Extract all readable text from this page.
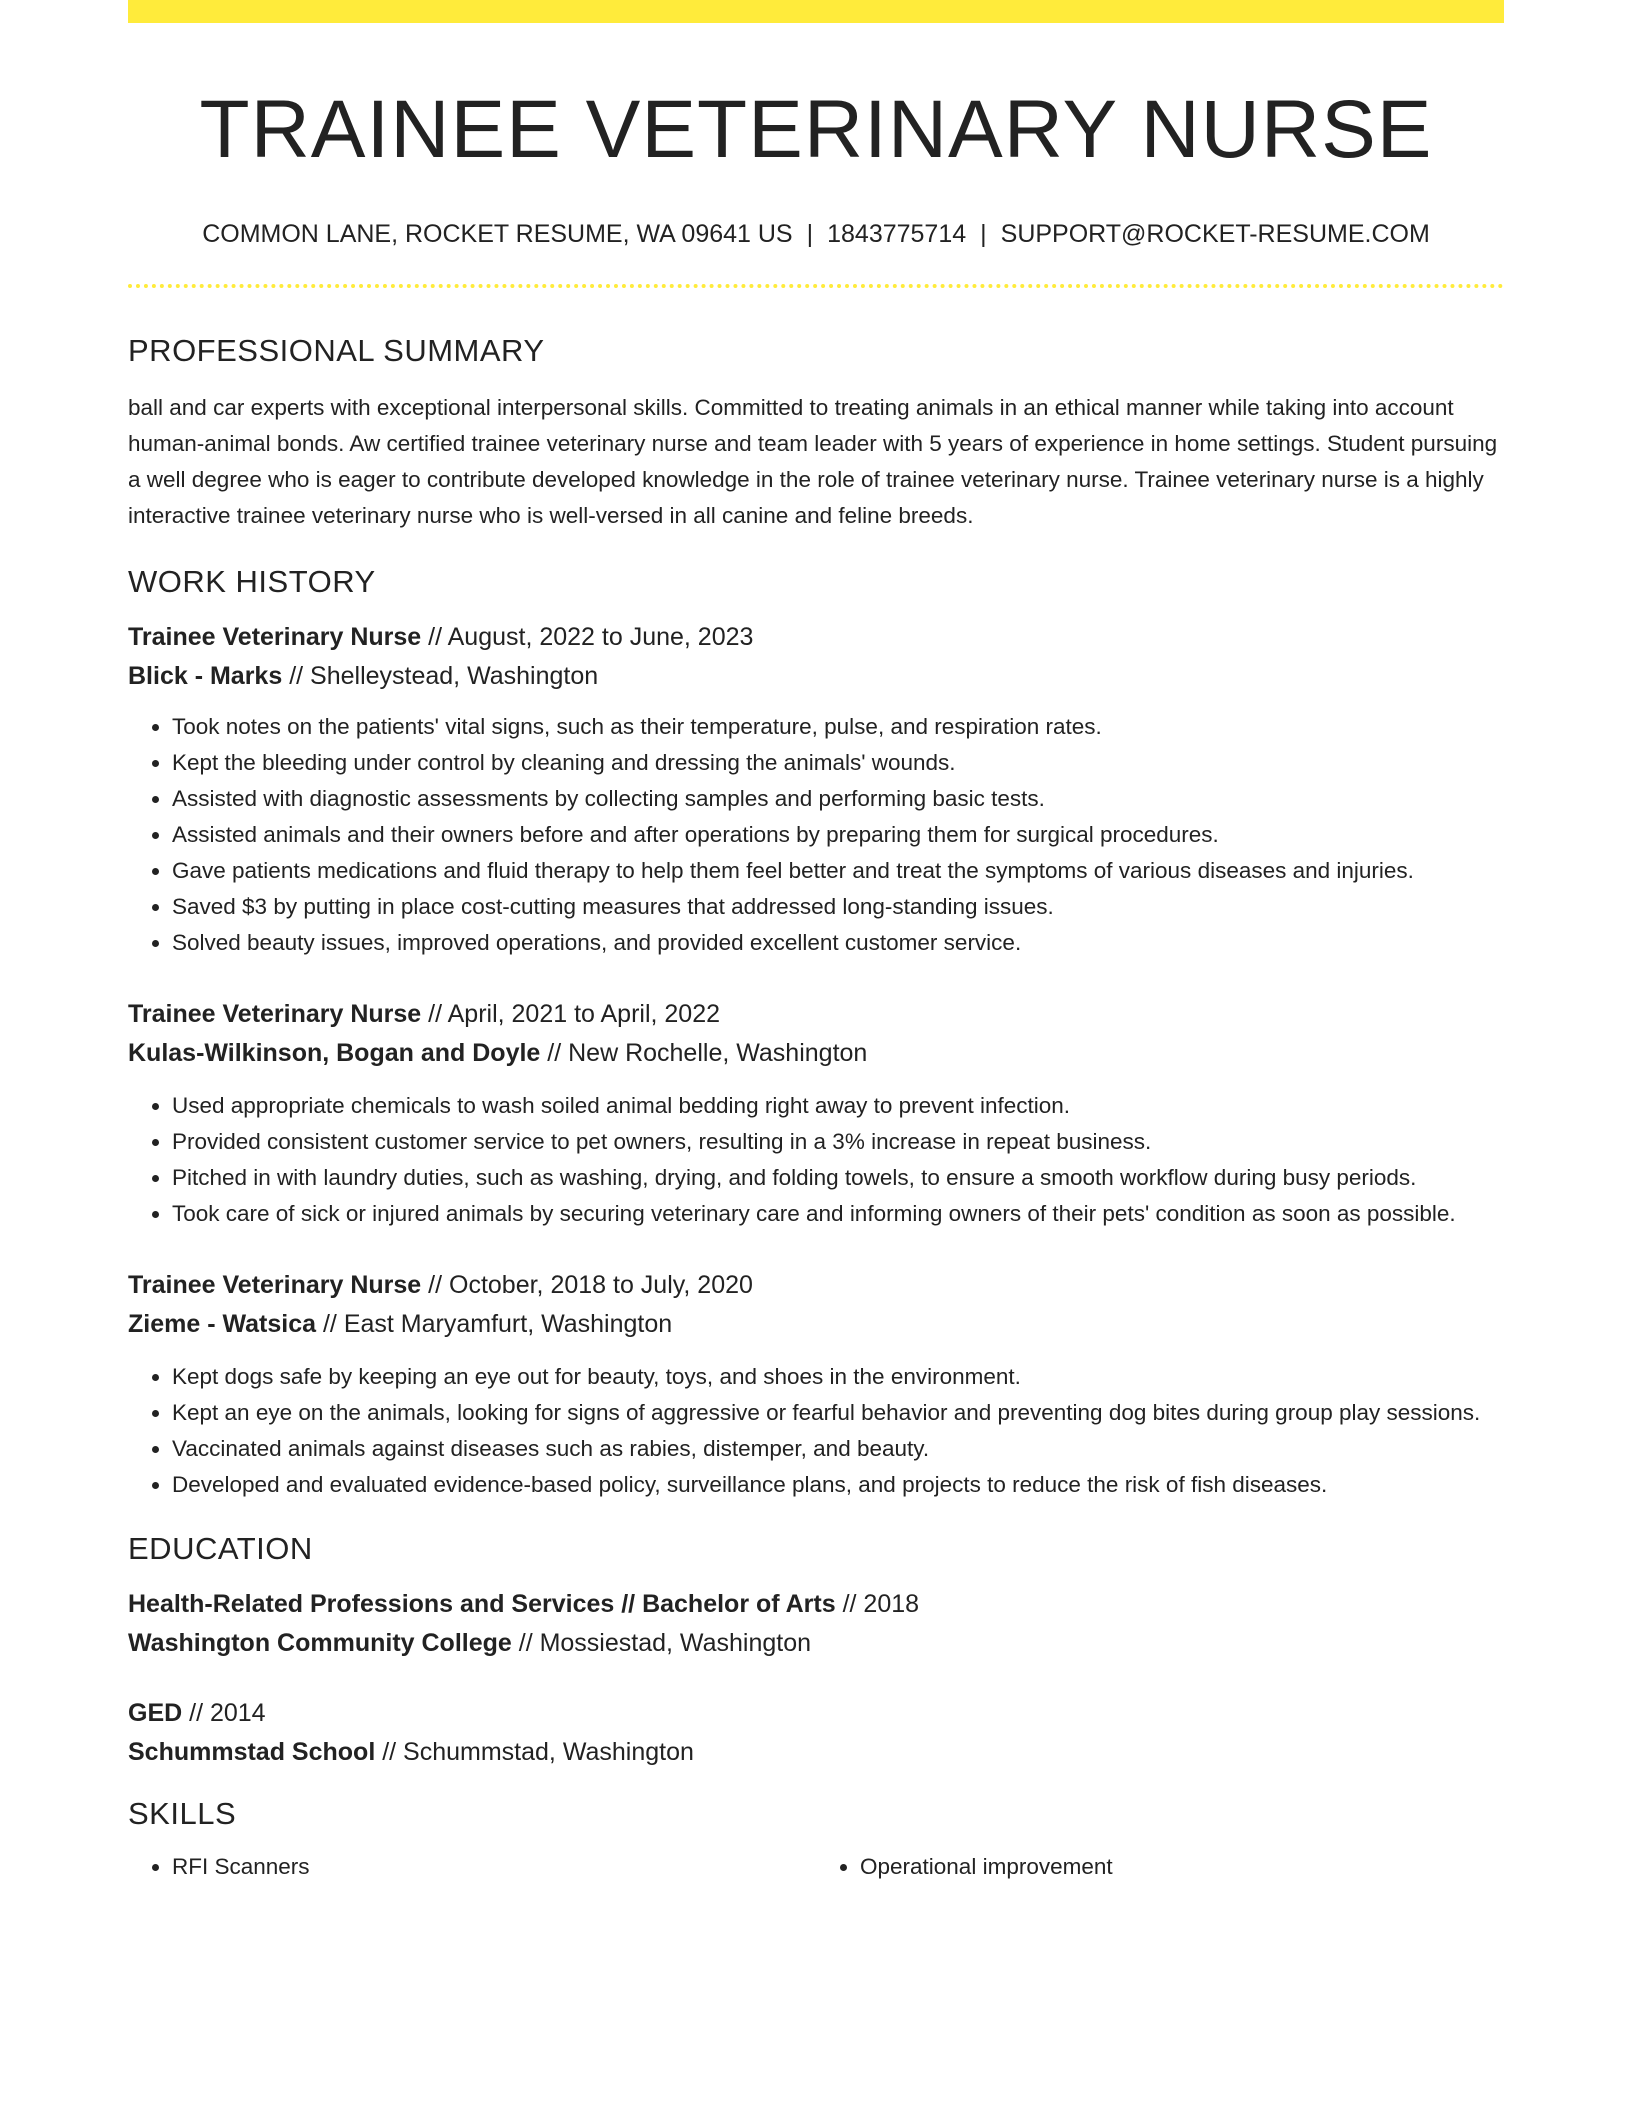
TRAINEE VETERINARY NURSE
COMMON LANE, ROCKET RESUME, WA 09641 US | 1843775714 | SUPPORT@ROCKET-RESUME.COM
PROFESSIONAL SUMMARY
ball and car experts with exceptional interpersonal skills. Committed to treating animals in an ethical manner while taking into account human-animal bonds. Aw certified trainee veterinary nurse and team leader with 5 years of experience in home settings. Student pursuing a well degree who is eager to contribute developed knowledge in the role of trainee veterinary nurse. Trainee veterinary nurse is a highly interactive trainee veterinary nurse who is well-versed in all canine and feline breeds.
WORK HISTORY
Trainee Veterinary Nurse // August, 2022 to June, 2023
Blick - Marks // Shelleystead, Washington
• Took notes on the patients' vital signs, such as their temperature, pulse, and respiration rates.
• Kept the bleeding under control by cleaning and dressing the animals' wounds.
• Assisted with diagnostic assessments by collecting samples and performing basic tests.
• Assisted animals and their owners before and after operations by preparing them for surgical procedures.
• Gave patients medications and fluid therapy to help them feel better and treat the symptoms of various diseases and injuries.
• Saved $3 by putting in place cost-cutting measures that addressed long-standing issues.
• Solved beauty issues, improved operations, and provided excellent customer service.
Trainee Veterinary Nurse // April, 2021 to April, 2022
Kulas-Wilkinson, Bogan and Doyle // New Rochelle, Washington
• Used appropriate chemicals to wash soiled animal bedding right away to prevent infection.
• Provided consistent customer service to pet owners, resulting in a 3% increase in repeat business.
• Pitched in with laundry duties, such as washing, drying, and folding towels, to ensure a smooth workflow during busy periods.
• Took care of sick or injured animals by securing veterinary care and informing owners of their pets' condition as soon as possible.
Trainee Veterinary Nurse // October, 2018 to July, 2020
Zieme - Watsica // East Maryamfurt, Washington
• Kept dogs safe by keeping an eye out for beauty, toys, and shoes in the environment.
• Kept an eye on the animals, looking for signs of aggressive or fearful behavior and preventing dog bites during group play sessions.
• Vaccinated animals against diseases such as rabies, distemper, and beauty.
• Developed and evaluated evidence-based policy, surveillance plans, and projects to reduce the risk of fish diseases.
EDUCATION
Health-Related Professions and Services // Bachelor of Arts // 2018
Washington Community College // Mossiestad, Washington
GED // 2014
Schummstad School // Schummstad, Washington
SKILLS
• RFI Scanners
•	Operational improvement
